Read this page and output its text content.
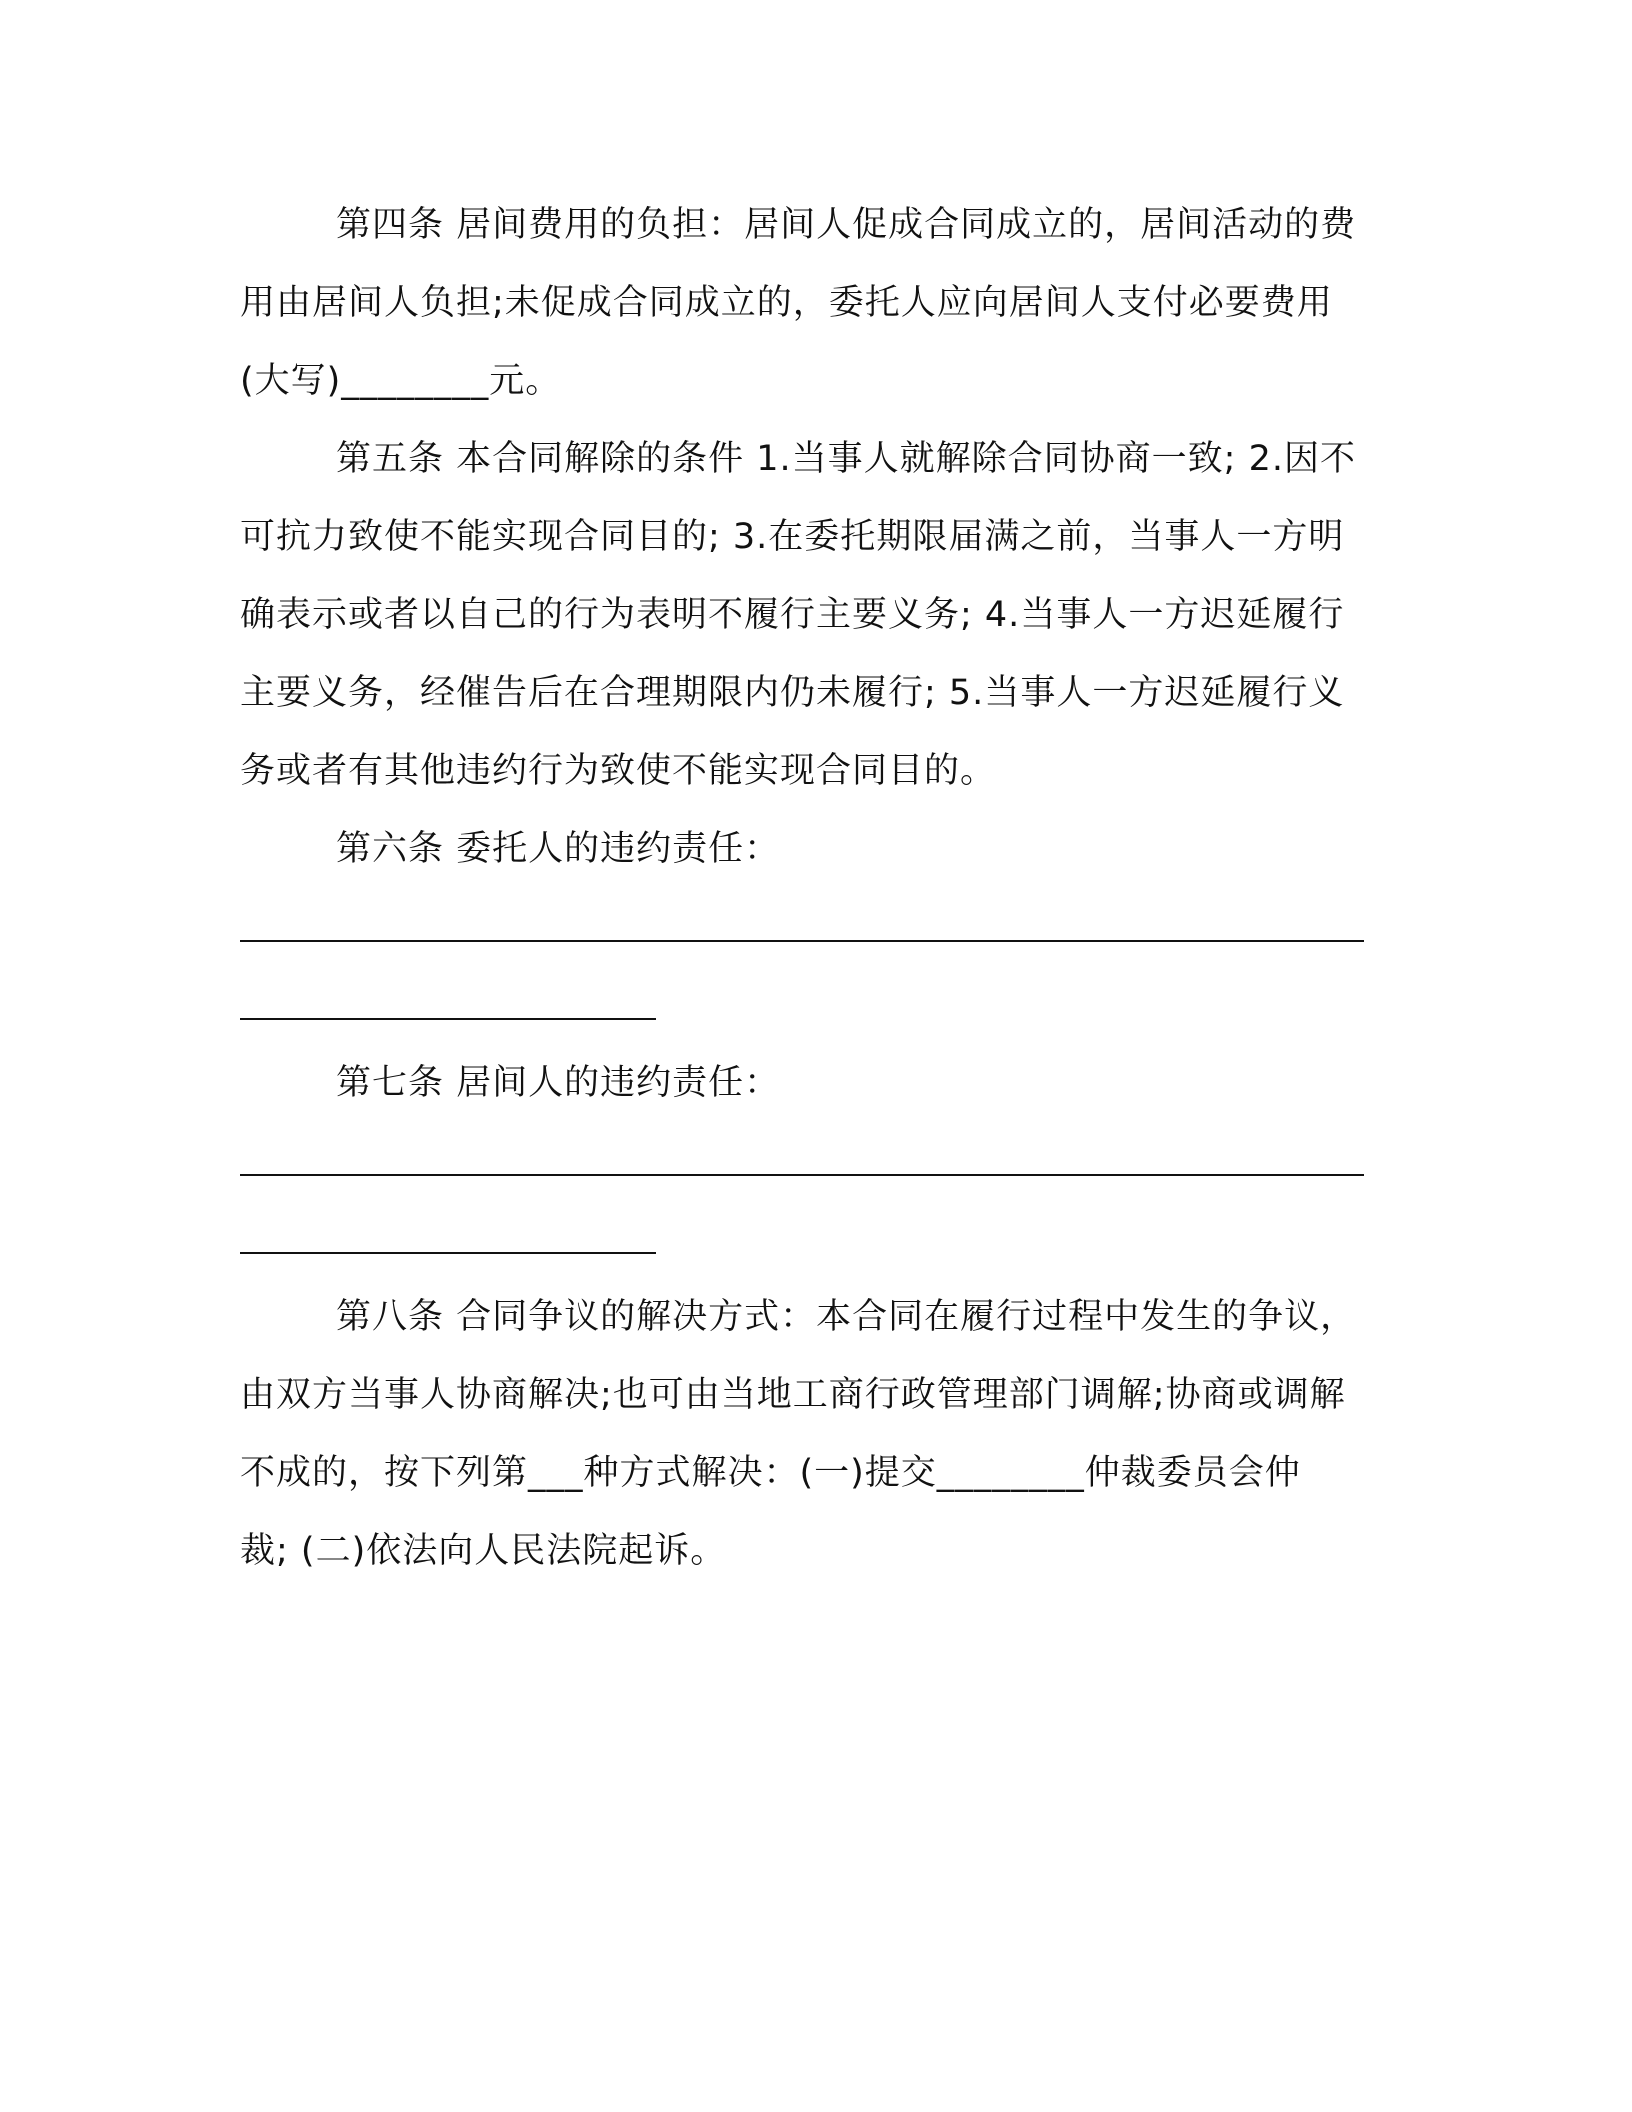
第四条 居间费用的负担：居间人促成合同成立的，居间活动的费
用由居间人负担;未促成合同成立的，委托人应向居间人支付必要费用
(大写)________元。
第五条 本合同解除的条件 1.当事人就解除合同协商一致; 2.因不
可抗力致使不能实现合同目的; 3.在委托期限届满之前，当事人一方明
确表示或者以自己的行为表明不履行主要义务; 4.当事人一方迟延履行
主要义务，经催告后在合理期限内仍未履行; 5.当事人一方迟延履行义
务或者有其他违约行为致使不能实现合同目的。
第六条 委托人的违约责任：
第七条 居间人的违约责任：
第八条 合同争议的解决方式：本合同在履行过程中发生的争议，
由双方当事人协商解决;也可由当地工商行政管理部门调解;协商或调解
不成的，按下列第___种方式解决：(一)提交________仲裁委员会仲
裁; (二)依法向人民法院起诉。
